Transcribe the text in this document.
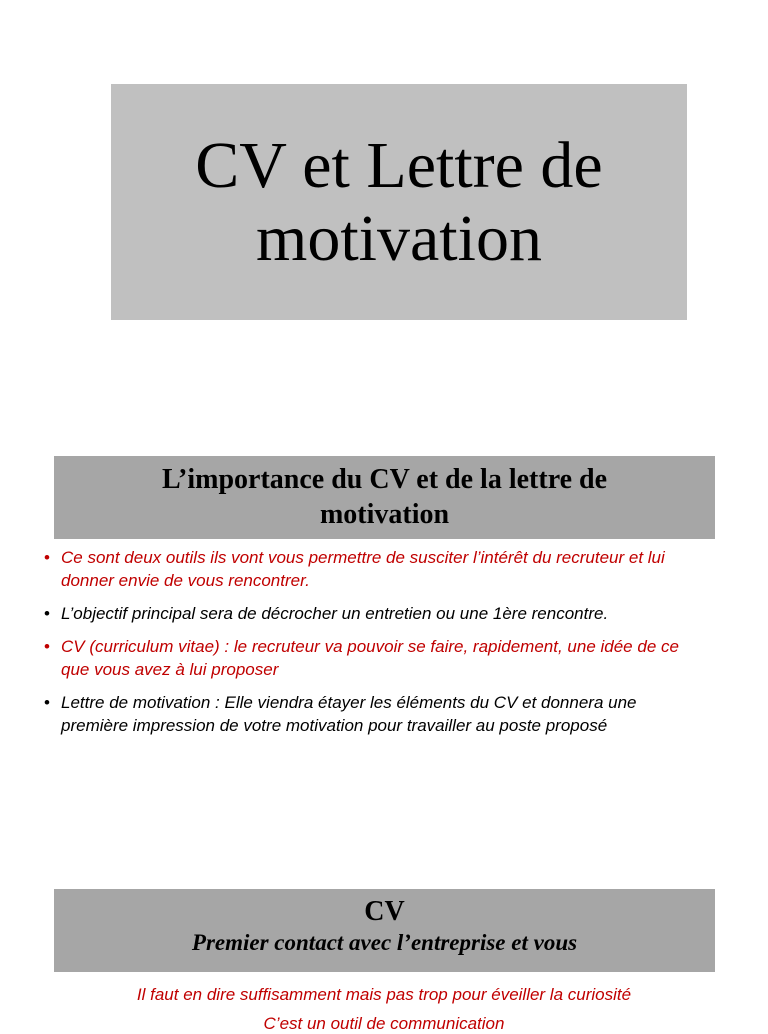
CV et Lettre de
motivation

L’importance du CV et de la lettre de
motivation

• Ce sont deux outils ils vont vous permettre de susciter l’intérêt du recruteur et lui donner envie de vous rencontrer.
• L’objectif principal sera de décrocher un entretien ou une 1ère rencontre.
• CV (curriculum vitae) : le recruteur va pouvoir se faire, rapidement, une idée de ce que vous avez à lui proposer
• Lettre de motivation : Elle viendra étayer les éléments du CV et donnera une première impression de votre motivation pour travailler au poste proposé

CV

Premier contact avec l’entreprise et vous

Il faut en dire suffisamment mais pas trop pour éveiller la curiosité

C’est un outil de communication
